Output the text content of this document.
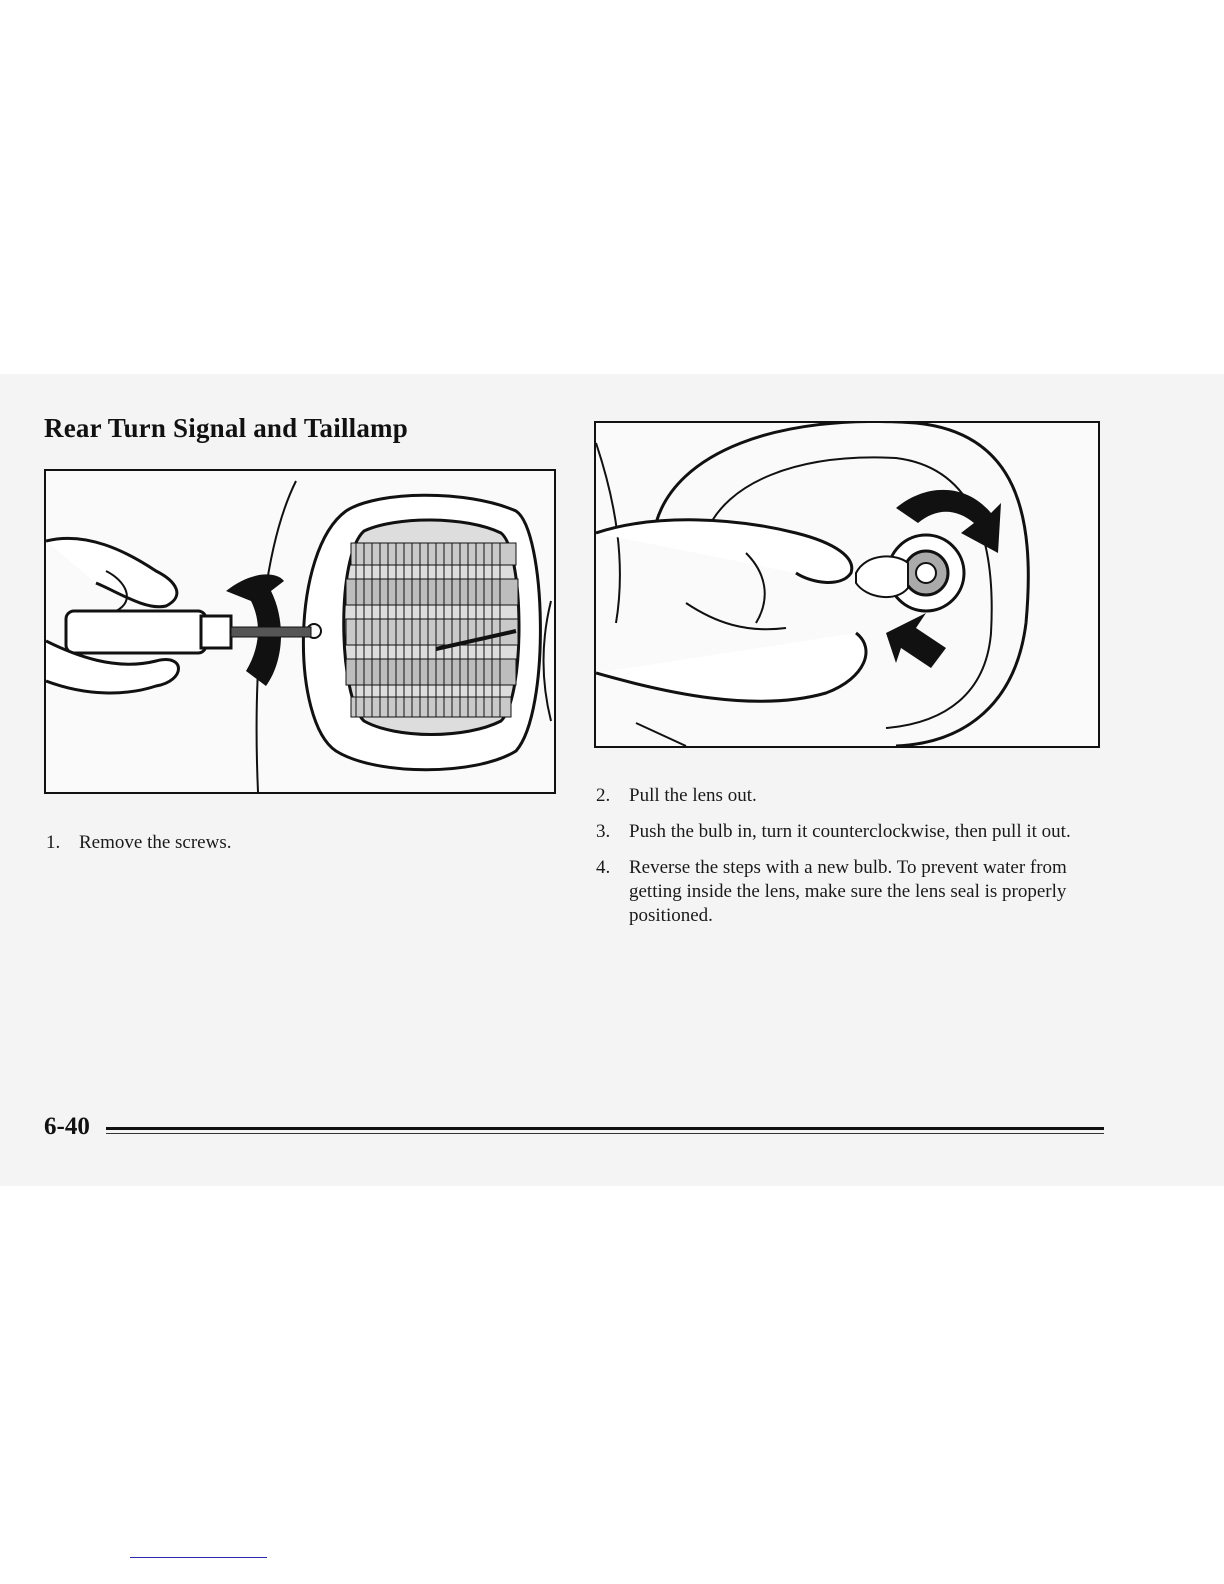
Rear Turn Signal and Taillamp
1. Remove the screws.
2. Pull the lens out.
3. Push the bulb in, turn it counterclockwise, then pull it out.
4. Reverse the steps with a new bulb. To prevent water from getting inside the lens, make sure the lens seal is properly positioned.
6-40
